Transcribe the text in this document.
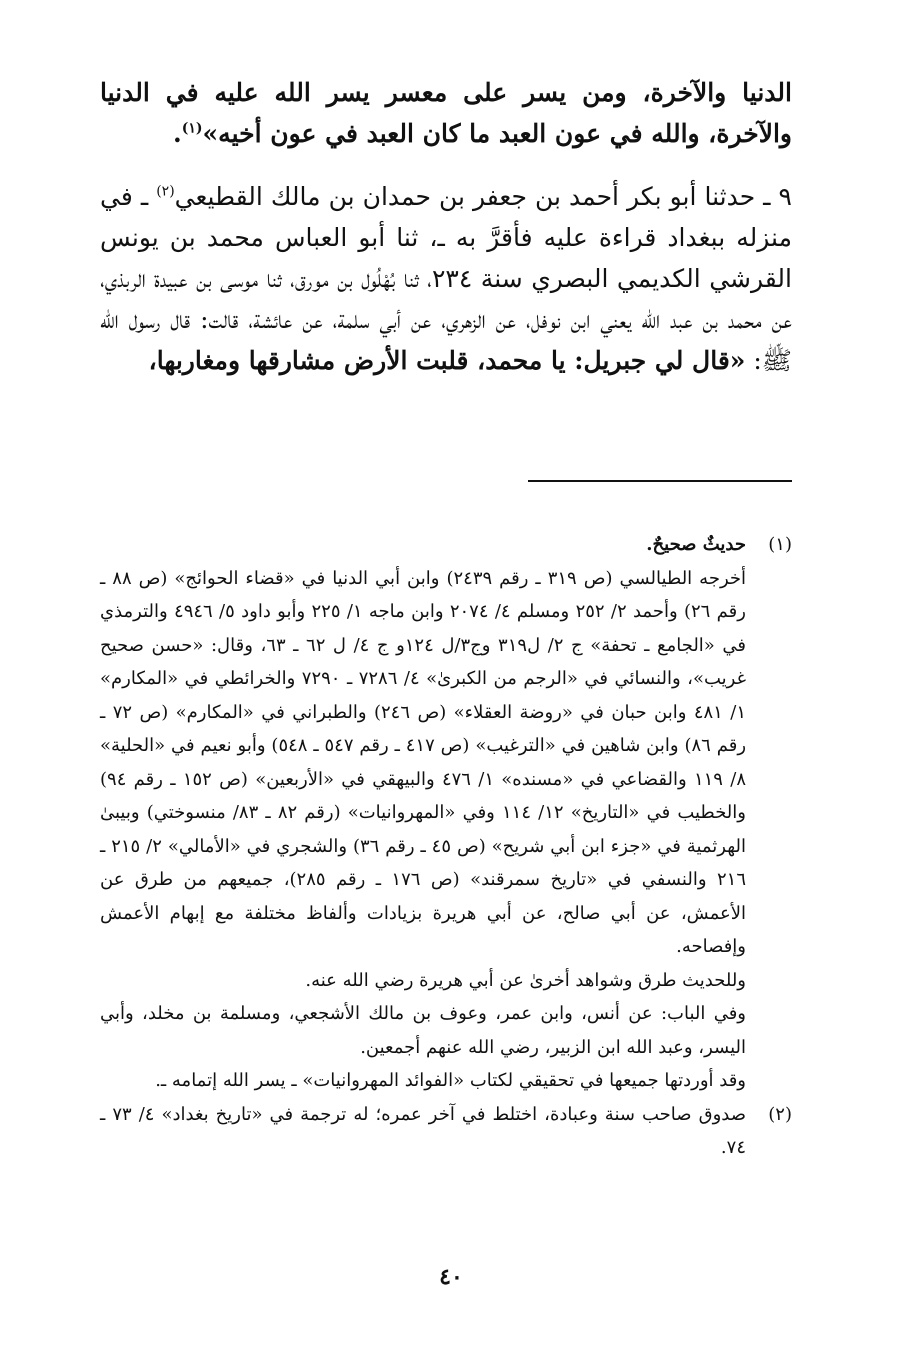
الدنيا والآخرة، ومن يسر على معسر يسر الله عليه في الدنيا والآخرة، والله في عون العبد ما كان العبد في عون أخيه»$^{(١)}$.

٩ ـ حدثنا أبو بكر أحمد بن جعفر بن حمدان بن مالك القطيعي$^{(٢)}$ ـ في منزله ببغداد قراءة عليه فأقرَّ به ـ، ثنا أبو العباس محمد بن يونس القرشي الكديمي البصري سنة ٢٣٤، ثنا بُهْلُول بن مورق، ثنا موسى بن عبيدة الربذي، عن محمد بن عبد الله يعني ابن نوفل، عن الزهري، عن أبي سلمة، عن عائشة، قالت: قال رسول الله ﷺ: «قال لي جبريل: يا محمد، قلبت الأرض مشارقها ومغاربها،

(١)
حديثٌ صحيحٌ.

أخرجه الطيالسي (ص ٣١٩ ـ رقم ٢٤٣٩) وابن أبي الدنيا في «قضاء الحوائج» (ص ٨٨ ـ رقم ٢٦) وأحمد ٢/ ٢٥٢ ومسلم ٤/ ٢٠٧٤ وابن ماجه ١/ ٢٢٥ وأبو داود ٥/ ٤٩٤٦ والترمذي في «الجامع ـ تحفة» ج ٢/ ل٣١٩ وج٣/ل ١٢٤و ج ٤/ ل ٦٢ ـ ٦٣، وقال: «حسن صحيح غريب»، والنسائي في «الرجم من الكبرىٰ» ٤/ ٧٢٨٦ ـ ٧٢٩٠ والخرائطي في «المكارم» ١/ ٤٨١ وابن حبان في «روضة العقلاء» (ص ٢٤٦) والطبراني في «المكارم» (ص ٧٢ ـ رقم ٨٦) وابن شاهين في «الترغيب» (ص ٤١٧ ـ رقم ٥٤٧ ـ ٥٤٨) وأبو نعيم في «الحلية» ٨/ ١١٩ والقضاعي في «مسنده» ١/ ٤٧٦ والبيهقي في «الأربعين» (ص ١٥٢ ـ رقم ٩٤) والخطيب في «التاريخ» ١٢/ ١١٤ وفي «المهروانيات» (رقم ٨٢ ـ ٨٣/ منسوختي) وبيبىٰ الهرثمية في «جزء ابن أبي شريح» (ص ٤٥ ـ رقم ٣٦) والشجري في «الأمالي» ٢/ ٢١٥ ـ ٢١٦ والنسفي في «تاريخ سمرقند» (ص ١٧٦ ـ رقم ٢٨٥)، جميعهم من طرق عن الأعمش، عن أبي صالح، عن أبي هريرة بزيادات وألفاظ مختلفة مع إبهام الأعمش وإفصاحه.

وللحديث طرق وشواهد أخرىٰ عن أبي هريرة رضي الله عنه.

وفي الباب: عن أنس، وابن عمر، وعوف بن مالك الأشجعي، ومسلمة بن مخلد، وأبي اليسر، وعبد الله ابن الزبير، رضي الله عنهم أجمعين.

وقد أوردتها جميعها في تحقيقي لكتاب «الفوائد المهروانيات» ـ يسر الله إتمامه ـ.

(٢)

صدوق صاحب سنة وعبادة، اختلط في آخر عمره؛ له ترجمة في «تاريخ بغداد» ٤/ ٧٣ ـ ٧٤.

٤٠
